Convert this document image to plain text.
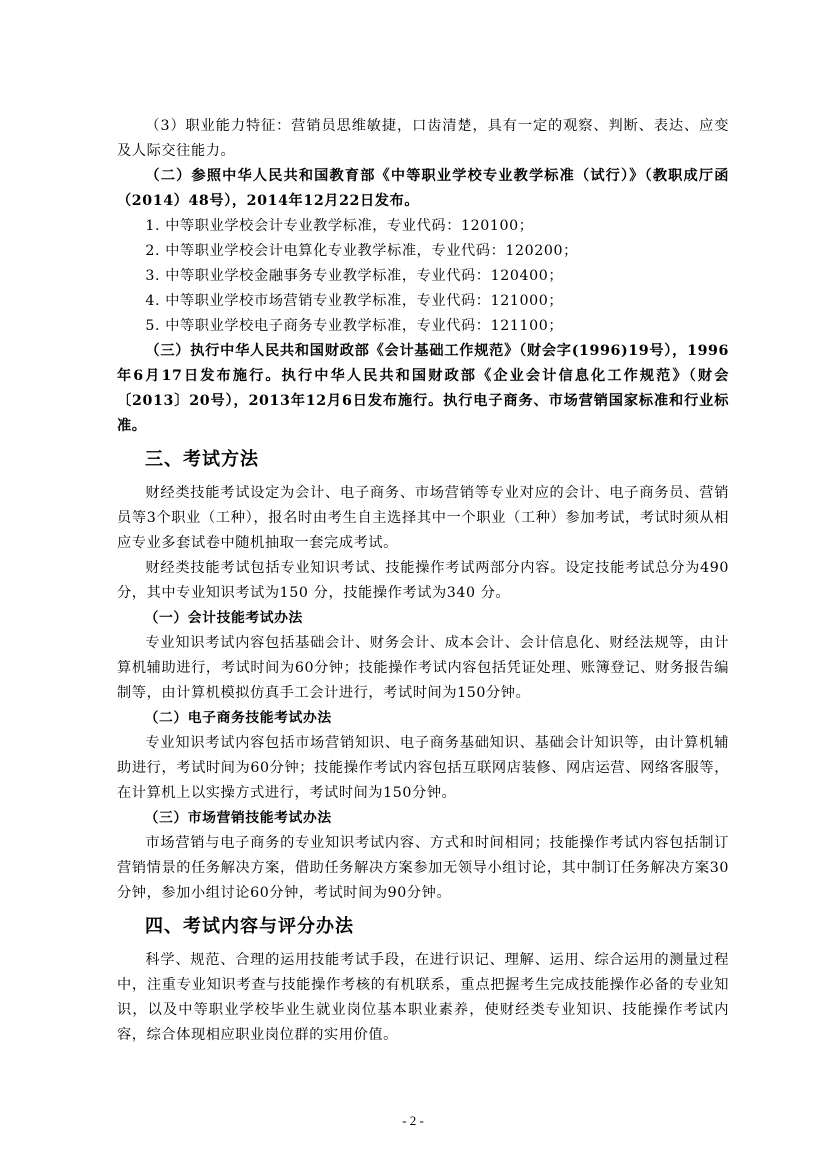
（3）职业能力特征：营销员思维敏捷，口齿清楚，具有一定的观察、判断、表达、应变及人际交往能力。

（二）参照中华人民共和国教育部《中等职业学校专业教学标准（试行）》（教职成厅函（2014）48号），2014年12月22日发布。

1. 中等职业学校会计专业教学标准，专业代码：120100；

2. 中等职业学校会计电算化专业教学标准，专业代码：120200；

3. 中等职业学校金融事务专业教学标准，专业代码：120400；

4. 中等职业学校市场营销专业教学标准，专业代码：121000；

5. 中等职业学校电子商务专业教学标准，专业代码：121100；

（三）执行中华人民共和国财政部《会计基础工作规范》（财会字(1996)19号），1996年6月17日发布施行。执行中华人民共和国财政部《企业会计信息化工作规范》（财会〔2013〕20号），2013年12月6日发布施行。执行电子商务、市场营销国家标准和行业标准。

三、考试方法

财经类技能考试设定为会计、电子商务、市场营销等专业对应的会计、电子商务员、营销员等3个职业（工种），报名时由考生自主选择其中一个职业（工种）参加考试，考试时须从相应专业多套试卷中随机抽取一套完成考试。

财经类技能考试包括专业知识考试、技能操作考试两部分内容。设定技能考试总分为490 分，其中专业知识考试为150 分，技能操作考试为340 分。

（一）会计技能考试办法

专业知识考试内容包括基础会计、财务会计、成本会计、会计信息化、财经法规等，由计算机辅助进行，考试时间为60分钟；技能操作考试内容包括凭证处理、账簿登记、财务报告编制等，由计算机模拟仿真手工会计进行，考试时间为150分钟。

（二）电子商务技能考试办法

专业知识考试内容包括市场营销知识、电子商务基础知识、基础会计知识等，由计算机辅助进行，考试时间为60分钟；技能操作考试内容包括互联网店装修、网店运营、网络客服等，在计算机上以实操方式进行，考试时间为150分钟。

（三）市场营销技能考试办法

市场营销与电子商务的专业知识考试内容、方式和时间相同；技能操作考试内容包括制订营销情景的任务解决方案，借助任务解决方案参加无领导小组讨论，其中制订任务解决方案30分钟，参加小组讨论60分钟，考试时间为90分钟。

四、考试内容与评分办法

科学、规范、合理的运用技能考试手段，在进行识记、理解、运用、综合运用的测量过程中，注重专业知识考查与技能操作考核的有机联系，重点把握考生完成技能操作必备的专业知识，以及中等职业学校毕业生就业岗位基本职业素养，使财经类专业知识、技能操作考试内容，综合体现相应职业岗位群的实用价值。

- 2 -
